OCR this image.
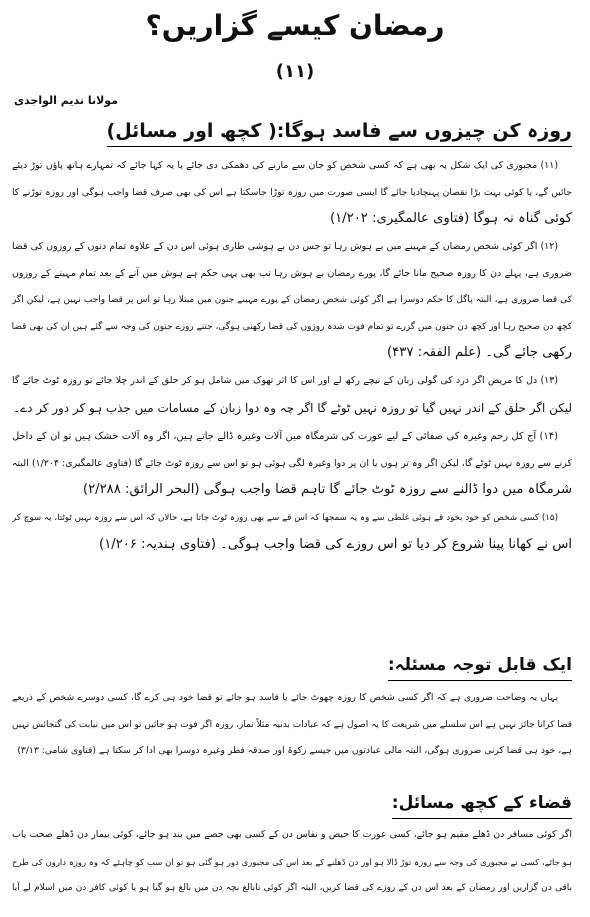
رمضان کیسے گزاریں؟
(۱۱)
مولانا ندیم الواجدی
روزہ کن چیزوں سے فاسد ہوگا:( کچھ اور مسائل)
(۱۱) مجبوری کی ایک شکل یہ بھی ہے کہ کسی شخص کو جان سے مارنے کی دھمکی دی جائے یا یہ کہا جائے کہ تمہارے ہاتھ پاؤں توڑ دیئے
جائیں گے، یا کوئی بہت بڑا نقصان پہنچادیا جائے گا ایسی صورت میں روزہ توڑا جاسکتا ہے اس کی بھی صرف قضا واجب ہوگی اور روزہ توڑنے کا
کوئی گناہ نہ ہوگا (فتاوی عالمگیری: ۱/۲۰۲)
(۱۲) اگر کوئی شخص رمضان کے مہینے میں بے ہوش رہا تو جس دن بے ہوشی طاری ہوئی اس دن کے علاوہ تمام دنوں کے روزوں کی قضا
ضروری ہے، پہلے دن کا روزہ صحیح مانا جائے گا، پورے رمضان بے ہوش رہا تب بھی یہی حکم ہے ہوش میں آنے کے بعد تمام مہینے کے روزوں
کی قضا ضروری ہے، البتہ پاگل کا حکم دوسرا ہے اگر کوئی شخص رمضان کے پورے مہینے جنون میں مبتلا رہا تو اس پر قضا واجب نہیں ہے، لیکن اگر
کچھ دن صحیح رہا اور کچھ دن جنون میں گزرے تو تمام فوت شدہ روزوں کی قضا رکھنی ہوگی، جتنے روزے جنون کی وجہ سے گئے ہیں ان کی بھی قضا
رکھی جائے گی۔ (علم الفقہ: ۴۳۷)
(۱۳) دل کا مریض اگر درد کی گولی زبان کے نیچے رکھ لے اور اس کا اثر تھوک میں شامل ہو کر حلق کے اندر چلا جائے تو روزہ ٹوٹ جائے گا
لیکن اگر حلق کے اندر نہیں گیا تو روزہ نہیں ٹوٹے گا اگر چہ وہ دوا زبان کے مسامات میں جذب ہو کر دور کر دے۔
(۱۴) آج کل رحم وغیرہ کی صفائی کے لیے عورت کی شرمگاہ میں آلات وغیرہ ڈالے جاتے ہیں، اگر وہ آلات خشک ہیں تو ان کے داخل
کرنے سے روزہ نہیں ٹوٹے گا، لیکن اگر وہ تر ہوں یا ان پر دوا وغیرہ لگی ہوئی ہو تو اس سے روزہ ٹوٹ جائے گا (فتاوی عالمگیری: ۱/۲۰۴) البتہ
شرمگاہ میں دوا ڈالنے سے روزہ ٹوٹ جائے گا تاہم قضا واجب ہوگی (البحر الرائق: ۲/۲۸۸)
(۱۵) کسی شخص کو خود بخود قے ہوئی غلطی سے وہ یہ سمجھا کہ اس قے سے بھی روزہ ٹوٹ جاتا ہے، حالاں کہ اس سے روزہ نہیں ٹوٹتا، یہ سوچ کر
اس نے کھانا پینا شروع کر دیا تو اس روزے کی قضا واجب ہوگی۔ (فتاوی ہندیہ: ۱/۲۰۶)
ایک قابل توجہ مسئلہ:
یہاں یہ وضاحت ضروری ہے کہ اگر کسی شخص کا روزہ چھوٹ جائے یا فاسد ہو جائے تو قضا خود ہی کرے گا، کسی دوسرے شخص کے ذریعے
قضا کرانا جائز نہیں ہے اس سلسلے میں شریعت کا یہ اصول ہے کہ عبادات بدنیہ مثلاً نماز، روزہ اگر فوت ہو جائیں تو اس میں نیابت کی گنجائش نہیں
ہے، خود ہی قضا کرنی ضروری ہوگی، البتہ مالی عبادتوں میں جیسے زکوۃ اور صدقہ فطر وغیرہ دوسرا بھی ادا کر سکتا ہے (فتاوی شامی: ۳/۱۳)
قضاء کے کچھ مسائل:
اگر کوئی مسافر دن ڈھلے مقیم ہو جائے، کسی عورت کا حیض و نفاس دن کے کسی بھی حصے میں بند ہو جائے، کوئی بیمار دن ڈھلے صحت یاب
ہو جائے، کسی نے مجبوری کی وجہ سے روزہ توڑ ڈالا ہو اور دن ڈھلنے کے بعد اس کی مجبوری دور ہو گئی ہو تو ان سب کو چاہئے کہ وہ روزہ داروں کی طرح
باقی دن گزاریں اور رمضان کے بعد اس دن کے روزے کی قضا کریں، البتہ اگر کوئی نابالغ بچہ دن میں بالغ ہو گیا ہو یا کوئی کافر دن میں اسلام لے آیا
